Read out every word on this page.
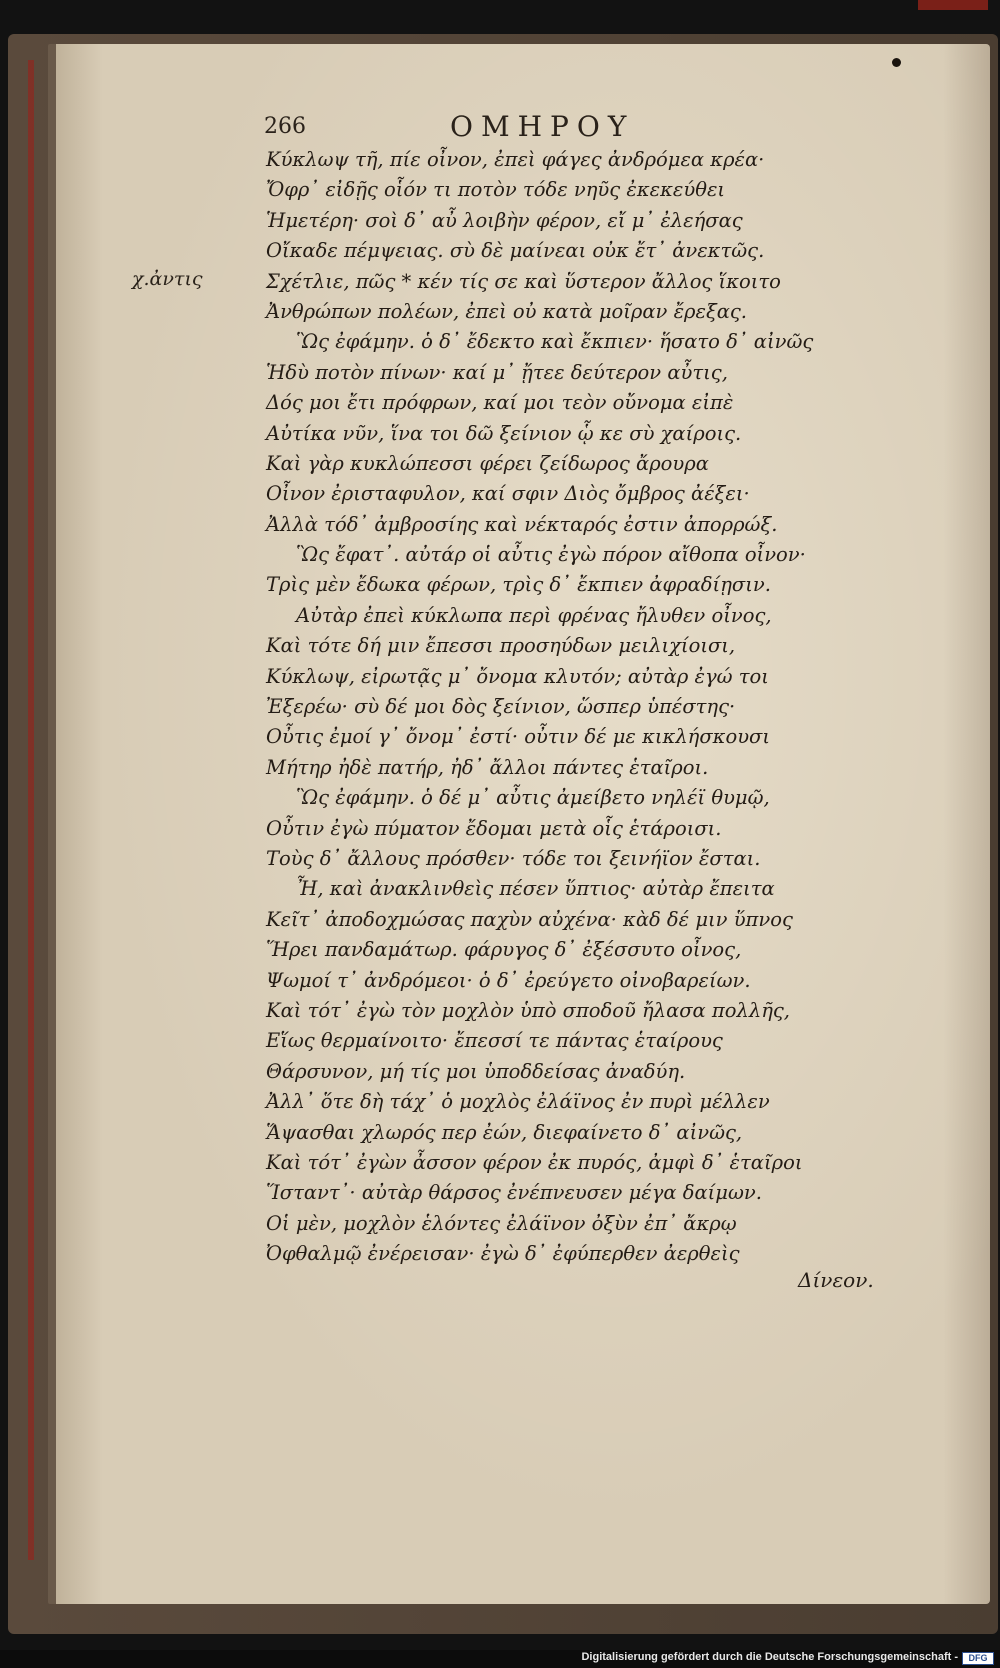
266	ΟΜΗΡΟΥ
χ.ἀντις
Κύκλωψ τῆ, πίε οἶνον, ἐπεὶ φάγες ἀνδρόμεα κρέα·
Ὄφρ᾽ εἰδῇς οἷόν τι ποτὸν τόδε νηῦς ἐκεκεύθει
Ἡμετέρη· σοὶ δ᾽ αὖ λοιβὴν φέρον, εἴ μ᾽ ἐλεήσας
Οἴκαδε πέμψειας. σὺ δὲ μαίνεαι οὐκ ἔτ᾽ ἀνεκτῶς.
Σχέτλιε, πῶς * κέν τίς σε καὶ ὕστερον ἄλλος ἵκοιτο
Ἀνθρώπων πολέων, ἐπεὶ οὐ κατὰ μοῖραν ἔρεξας.
Ὣς ἐφάμην. ὁ δ᾽ ἔδεκτο καὶ ἔκπιεν· ἥσατο δ᾽ αἰνῶς
Ἡδὺ ποτὸν πίνων· καί μ᾽ ᾔτεε δεύτερον αὖτις,
Δός μοι ἔτι πρόφρων, καί μοι τεὸν οὔνομα εἰπὲ
Αὐτίκα νῦν, ἵνα τοι δῶ ξείνιον ᾧ κε σὺ χαίροις.
Καὶ γὰρ κυκλώπεσσι φέρει ζείδωρος ἄρουρα
Οἶνον ἐρισταφυλον, καί σφιν Διὸς ὄμβρος ἀέξει·
Ἀλλὰ τόδ᾽ ἀμβροσίης καὶ νέκταρός ἐστιν ἀπορρώξ.
Ὣς ἔφατ᾽. αὐτάρ οἱ αὖτις ἐγὼ πόρον αἴθοπα οἶνον·
Τρὶς μὲν ἔδωκα φέρων, τρὶς δ᾽ ἔκπιεν ἀφραδίῃσιν.
Αὐτὰρ ἐπεὶ κύκλωπα περὶ φρένας ἤλυθεν οἶνος,
Καὶ τότε δή μιν ἔπεσσι προσηύδων μειλιχίοισι,
Κύκλωψ, εἰρωτᾷς μ᾽ ὄνομα κλυτόν; αὐτὰρ ἐγώ τοι
Ἐξερέω· σὺ δέ μοι δὸς ξείνιον, ὥσπερ ὑπέστης·
Οὖτις ἐμοί γ᾽ ὄνομ᾽ ἐστί· οὖτιν δέ με κικλήσκουσι
Μήτηρ ἠδὲ πατήρ, ἠδ᾽ ἄλλοι πάντες ἑταῖροι.
Ὣς ἐφάμην. ὁ δέ μ᾽ αὖτις ἀμείβετο νηλέϊ θυμῷ,
Οὖτιν ἐγὼ πύματον ἔδομαι μετὰ οἷς ἑτάροισι.
Τοὺς δ᾽ ἄλλους πρόσθεν· τόδε τοι ξεινήϊον ἔσται.
Ἦ, καὶ ἀνακλινθεὶς πέσεν ὕπτιος· αὐτὰρ ἔπειτα
Κεῖτ᾽ ἀποδοχμώσας παχὺν αὐχένα· κὰδ δέ μιν ὕπνος
Ἥρει πανδαμάτωρ. φάρυγος δ᾽ ἐξέσσυτο οἶνος,
Ψωμοί τ᾽ ἀνδρόμεοι· ὁ δ᾽ ἐρεύγετο οἰνοβαρείων.
Καὶ τότ᾽ ἐγὼ τὸν μοχλὸν ὑπὸ σποδοῦ ἤλασα πολλῆς,
Εἵως θερμαίνοιτο· ἔπεσσί τε πάντας ἑταίρους
Θάρσυνον, μή τίς μοι ὑποδδείσας ἀναδύη.
Ἀλλ᾽ ὅτε δὴ τάχ᾽ ὁ μοχλὸς ἐλάϊνος ἐν πυρὶ μέλλεν
Ἅψασθαι χλωρός περ ἐών, διεφαίνετο δ᾽ αἰνῶς,
Καὶ τότ᾽ ἐγὼν ἆσσον φέρον ἐκ πυρός, ἀμφὶ δ᾽ ἑταῖροι
Ἵσταντ᾽· αὐτὰρ θάρσος ἐνέπνευσεν μέγα δαίμων.
Οἱ μὲν, μοχλὸν ἑλόντες ἐλάϊνον ὀξὺν ἐπ᾽ ἄκρῳ
Ὀφθαλμῷ ἐνέρεισαν· ἐγὼ δ᾽ ἐφύπερθεν ἀερθεὶς
Δίνεον.
Digitalisierung gefördert durch die Deutsche Forschungsgemeinschaft -	DFG
